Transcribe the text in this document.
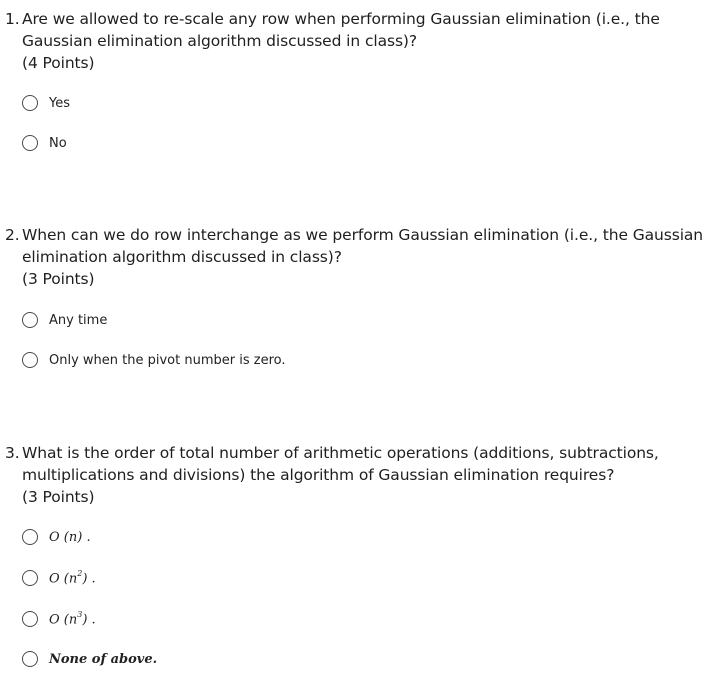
1. Are we allowed to re-scale any row when performing Gaussian elimination (i.e., the Gaussian elimination algorithm discussed in class)?
(4 Points)
Yes
No
2. When can we do row interchange as we perform Gaussian elimination (i.e., the Gaussian elimination algorithm discussed in class)?
(3 Points)
Any time
Only when the pivot number is zero.
3. What is the order of total number of arithmetic operations (additions, subtractions, multiplications and divisions) the algorithm of Gaussian elimination requires?
(3 Points)
O (n) .
O $(n^2)$ .
O $(n^3)$ .
None of above.
